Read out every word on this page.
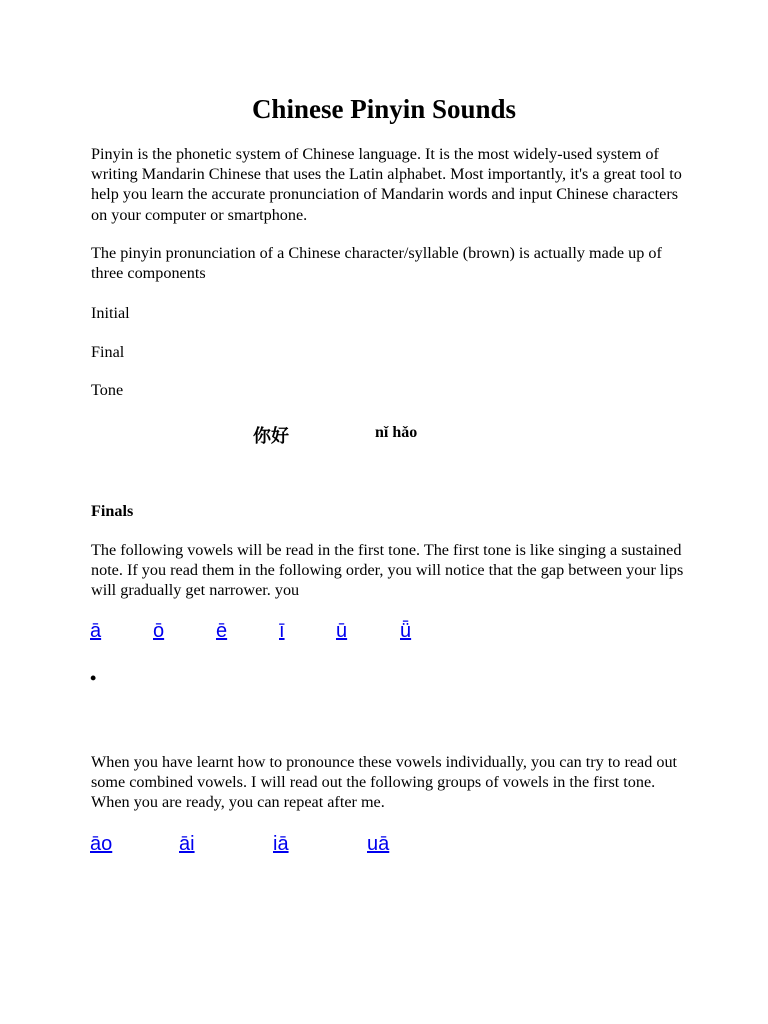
Chinese Pinyin Sounds

Pinyin is the phonetic system of Chinese language. It is the most widely-used system of writing Mandarin Chinese that uses the Latin alphabet. Most importantly, it's a great tool to help you learn the accurate pronunciation of Mandarin words and input Chinese characters on your computer or smartphone.

The pinyin pronunciation of a Chinese character/syllable (brown) is actually made up of three components

Initial

Final

Tone

你好	nǐ hǎo

Finals

The following vowels will be read in the first tone. The first tone is like singing a sustained note. If you read them in the following order, you will notice that the gap between your lips will gradually get narrower. you

ā	ō	ē	ī	ū	ǖ
•

When you have learnt how to pronounce these vowels individually, you can try to read out some combined vowels. I will read out the following groups of vowels in the first tone. When you are ready, you can repeat after me.

āo	āi	iā	uā
